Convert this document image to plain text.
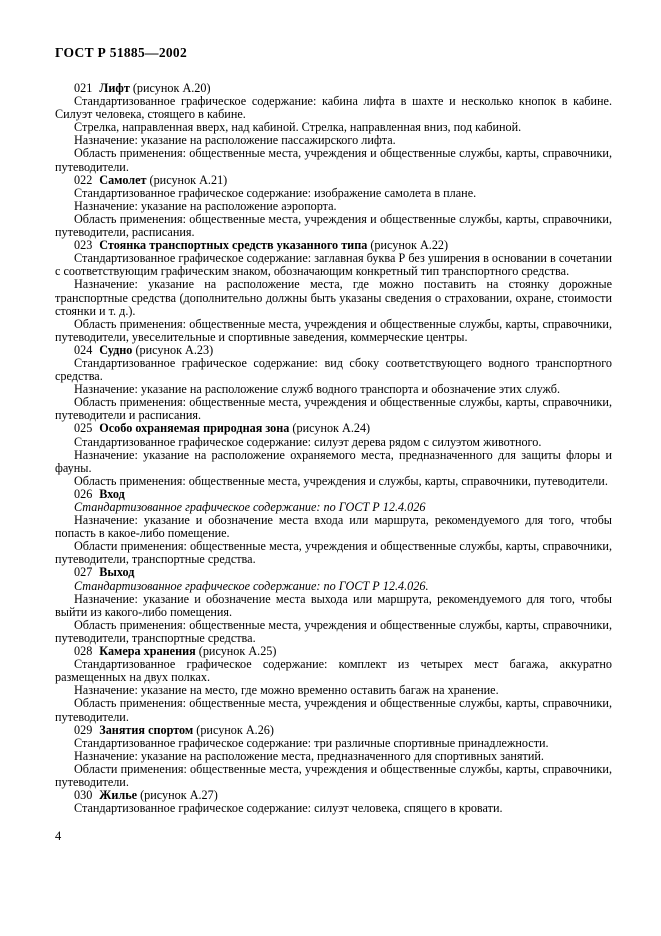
ГОСТ Р 51885—2002

021 Лифт (рисунок А.20)

Стандартизованное графическое содержание: кабина лифта в шахте и несколько кнопок в кабине. Силуэт человека, стоящего в кабине.

Стрелка, направленная вверх, над кабиной. Стрелка, направленная вниз, под кабиной.

Назначение: указание на расположение пассажирского лифта.

Область применения: общественные места, учреждения и общественные службы, карты, справочники, путеводители.

022 Самолет (рисунок А.21)

Стандартизованное графическое содержание: изображение самолета в плане.

Назначение: указание на расположение аэропорта.

Область применения: общественные места, учреждения и общественные службы, карты, справочники, путеводители, расписания.

023 Стоянка транспортных средств указанного типа (рисунок А.22)

Стандартизованное графическое содержание: заглавная буква Р без уширения в основании в сочетании с соответствующим графическим знаком, обозначающим конкретный тип транспортного средства.

Назначение: указание на расположение места, где можно поставить на стоянку дорожные транспортные средства (дополнительно должны быть указаны сведения о страховании, охране, стоимости стоянки и т. д.).

Область применения: общественные места, учреждения и общественные службы, карты, справочники, путеводители, увеселительные и спортивные заведения, коммерческие центры.

024 Судно (рисунок А.23)

Стандартизованное графическое содержание: вид сбоку соответствующего водного транспортного средства.

Назначение: указание на расположение служб водного транспорта и обозначение этих служб.

Область применения: общественные места, учреждения и общественные службы, карты, справочники, путеводители и расписания.

025 Особо охраняемая природная зона (рисунок А.24)

Стандартизованное графическое содержание: силуэт дерева рядом с силуэтом животного.

Назначение: указание на расположение охраняемого места, предназначенного для защиты флоры и фауны.

Область применения: общественные места, учреждения и службы, карты, справочники, путеводители.

026 Вход

Стандартизованное графическое содержание: по ГОСТ Р 12.4.026

Назначение: указание и обозначение места входа или маршрута, рекомендуемого для того, чтобы попасть в какое-либо помещение.

Области применения: общественные места, учреждения и общественные службы, карты, справочники, путеводители, транспортные средства.

027 Выход

Стандартизованное графическое содержание: по ГОСТ Р 12.4.026.

Назначение: указание и обозначение места выхода или маршрута, рекомендуемого для того, чтобы выйти из какого-либо помещения.

Область применения: общественные места, учреждения и общественные службы, карты, справочники, путеводители, транспортные средства.

028 Камера хранения (рисунок А.25)

Стандартизованное графическое содержание: комплект из четырех мест багажа, аккуратно размещенных на двух полках.

Назначение: указание на место, где можно временно оставить багаж на хранение.

Область применения: общественные места, учреждения и общественные службы, карты, справочники, путеводители.

029 Занятия спортом (рисунок А.26)

Стандартизованное графическое содержание: три различные спортивные принадлежности.

Назначение: указание на расположение места, предназначенного для спортивных занятий.

Области применения: общественные места, учреждения и общественные службы, карты, справочники, путеводители.

030 Жилье (рисунок А.27)

Стандартизованное графическое содержание: силуэт человека, спящего в кровати.

4
